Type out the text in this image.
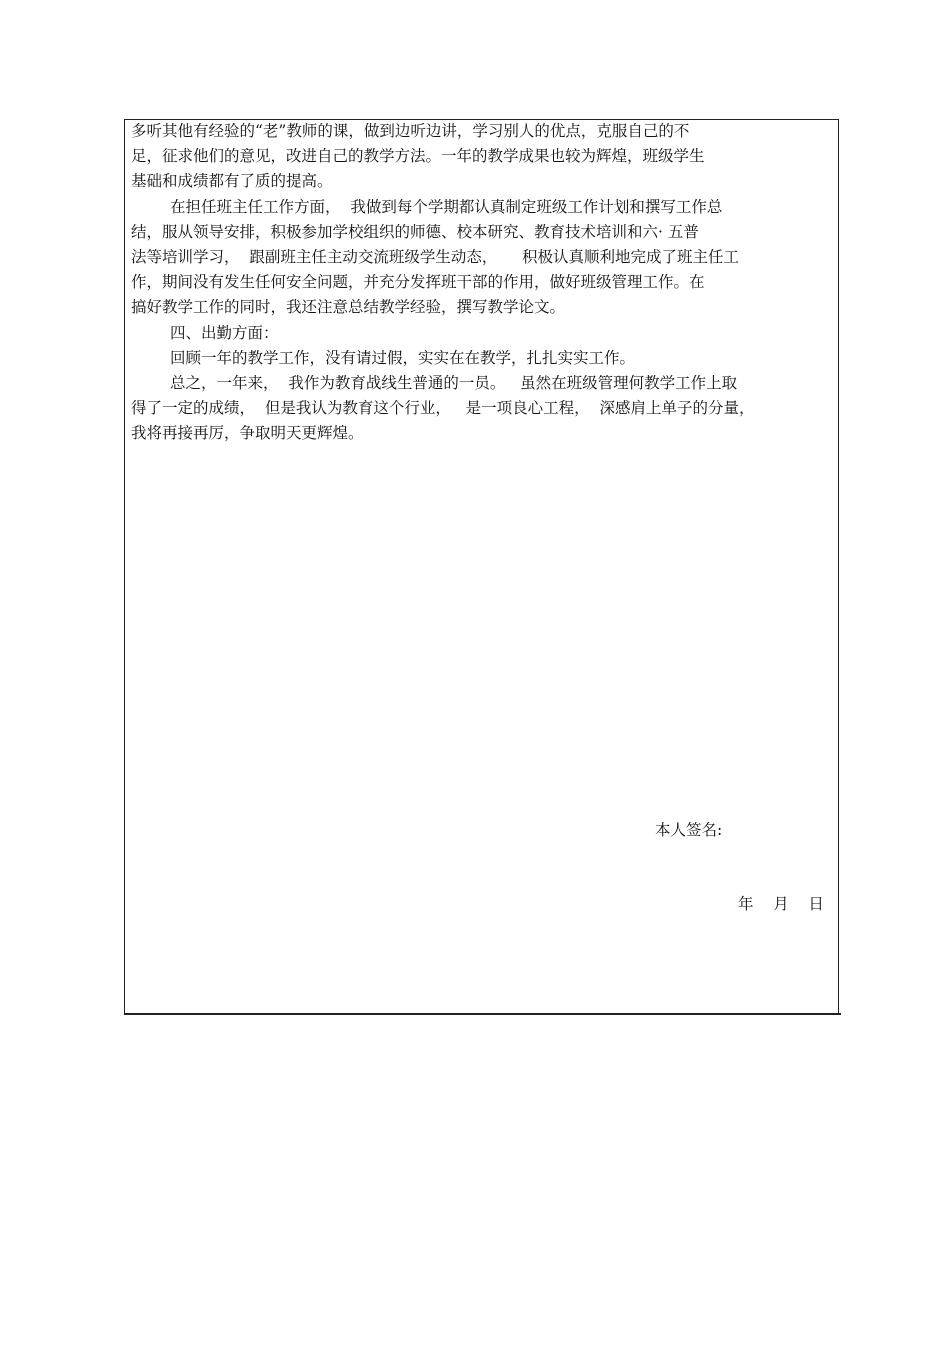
多听其他有经验的“老”教师的课，做到边听边讲，学习别人的优点，克服自己的不
足，征求他们的意见，改进自己的教学方法。一年的教学成果也较为辉煌，班级学生
基础和成绩都有了质的提高。
在担任班主任工作方面，  我做到每个学期都认真制定班级工作计划和撰写工作总
结，服从领导安排，积极参加学校组织的师德、校本研究、教育技术培训和六· 五普
法等培训学习，  跟副班主任主动交流班级学生动态，     积极认真顺利地完成了班主任工
作，期间没有发生任何安全问题，并充分发挥班干部的作用，做好班级管理工作。在
搞好教学工作的同时，我还注意总结教学经验，撰写教学论文。
四、出勤方面：
回顾一年的教学工作，没有请过假，实实在在教学，扎扎实实工作。
总之，一年来，  我作为教育战线生普通的一员。   虽然在班级管理何教学工作上取
得了一定的成绩，  但是我认为教育这个行业，   是一项良心工程，  深感肩上单子的分量，
我将再接再厉，争取明天更辉煌。
本人签名:
年    月    日
